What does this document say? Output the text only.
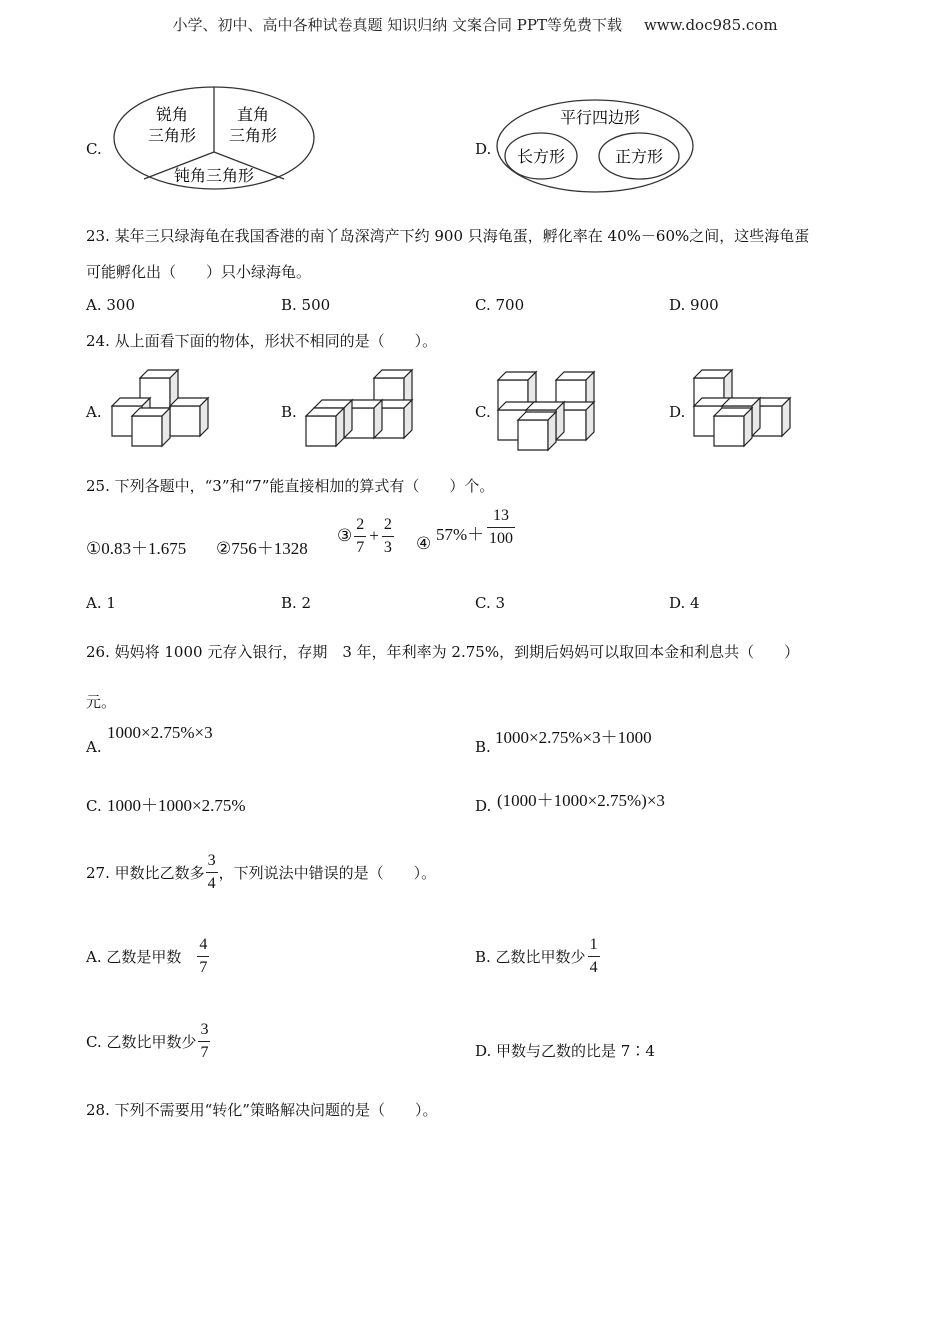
小学、初中、高中各种试卷真题 知识归纳 文案合同 PPT等免费下载 www.doc985.com
C.
锐角
三角形
直角
三角形
钝角三角形
D.
平行四边形
长方形	正方形
23. 某年三只绿海龟在我国香港的南丫岛深湾产下约 900 只海龟蛋，孵化率在 40%－60%之间，这些海龟蛋
可能孵化出（　　）只小绿海龟。
A. 300	B. 500	C. 700	D. 900
24. 从上面看下面的物体，形状不相同的是（　　）。
A.	B.	C.	D.
25. 下列各题中，“3”和“7”能直接相加的算式有（　　）个。
①0.83＋1.675 ②756＋1328
③ $\frac{2}{7} + \frac{2}{3}$ ④ $57\%+ \frac{13}{100}$
A. 1	B. 2	C. 3	D. 4
26. 妈妈将 1000 元存入银行，存期　3 年，年利率为 2.75%，到期后妈妈可以取回本金和利息共（　　）
元。
A.
1000×2.75%×3
B. 1000×2.75%×3＋1000
C. 1000＋1000×2.75%	D. (1000＋1000×2.75%)×3
27. 甲数比乙数多 $\frac{3}{4}$ ，下列说法中错误的是（　　）。
A. 乙数是甲数 $\frac{4}{7}$	B. 乙数比甲数少 $\frac{1}{4}$
C. 乙数比甲数少 $\frac{3}{7}$	D. 甲数与乙数的比是 7∶4
28. 下列不需要用“转化”策略解决问题的是（　　）。
